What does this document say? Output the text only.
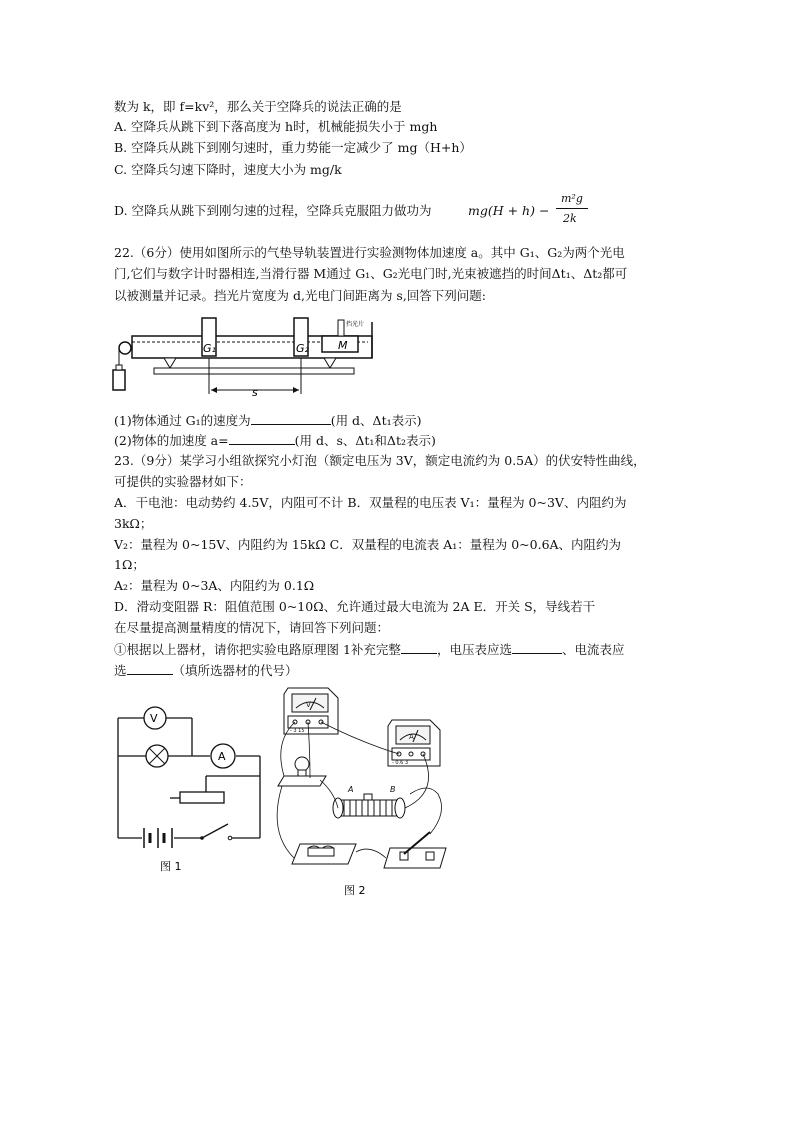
数为 k，即 f=kv²，那么关于空降兵的说法正确的是
A. 空降兵从跳下到下落高度为 h时，机械能损失小于 mgh
B. 空降兵从跳下到刚匀速时，重力势能一定减少了 mg（H+h）
C. 空降兵匀速下降时，速度大小为 mg/k
D. 空降兵从跳下到刚匀速的过程，空降兵克服阻力做功为	mg(H + h) −
m²g
2k
22.（6分）使用如图所示的气垫导轨装置进行实验测物体加速度 a。其中 G₁、G₂为两个光电
门,它们与数字计时器相连,当滑行器 M通过 G₁、G₂光电门时,光束被遮挡的时间Δt₁、Δt₂都可
以被测量并记录。挡光片宽度为 d,光电门间距离为 s,回答下列问题:
G₁	G₂	M
挡光片
s
(1)物体通过 G₁的速度为	(用 d、Δt₁表示)
(2)物体的加速度 a=	(用 d、s、Δt₁和Δt₂表示)
23.（9分）某学习小组欲探究小灯泡（额定电压为 3V，额定电流约为 0.5A）的伏安特性曲线，
可提供的实验器材如下：
A．干电池：电动势约 4.5V，内阻可不计 B．双量程的电压表 V₁：量程为 0~3V、内阻约为
3kΩ；
V₂：量程为 0~15V、内阻约为 15kΩ C．双量程的电流表 A₁：量程为 0~0.6A、内阻约为
1Ω；
A₂：量程为 0~3A、内阻约为 0.1Ω
D．滑动变阻器 R：阻值范围 0~10Ω、允许通过最大电流为 2A E．开关 S，导线若干
在尽量提高测量精度的情况下，请回答下列问题：
①根据以上器材，请你把实验电路原理图 1补充完整	，电压表应选	、电流表应
选	（填所选器材的代号）
V
A
图 1
V
- 3 15
A
- 0.6 3
A	B
图 2
